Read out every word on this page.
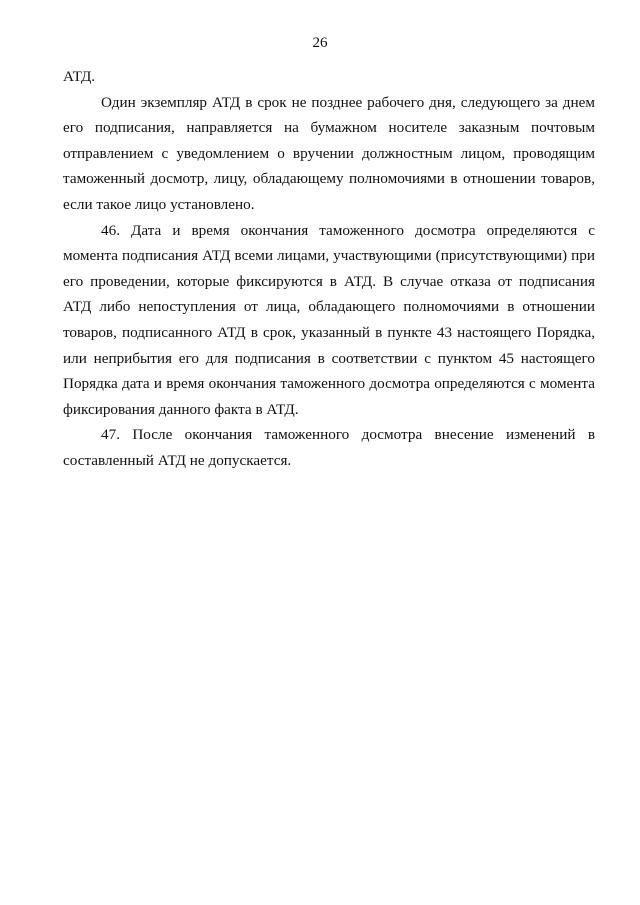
26

АТД.

Один экземпляр АТД в срок не позднее рабочего дня, следующего за днем его подписания, направляется на бумажном носителе заказным почтовым отправлением с уведомлением о вручении должностным лицом, проводящим таможенный досмотр, лицу, обладающему полномочиями в отношении товаров, если такое лицо установлено.

46. Дата и время окончания таможенного досмотра определяются с момента подписания АТД всеми лицами, участвующими (присутствующими) при его проведении, которые фиксируются в АТД. В случае отказа от подписания АТД либо непоступления от лица, обладающего полномочиями в отношении товаров, подписанного АТД в срок, указанный в пункте 43 настоящего Порядка, или неприбытия его для подписания в соответствии с пунктом 45 настоящего Порядка дата и время окончания таможенного досмотра определяются с момента фиксирования данного факта в АТД.

47. После окончания таможенного досмотра внесение изменений в составленный АТД не допускается.
